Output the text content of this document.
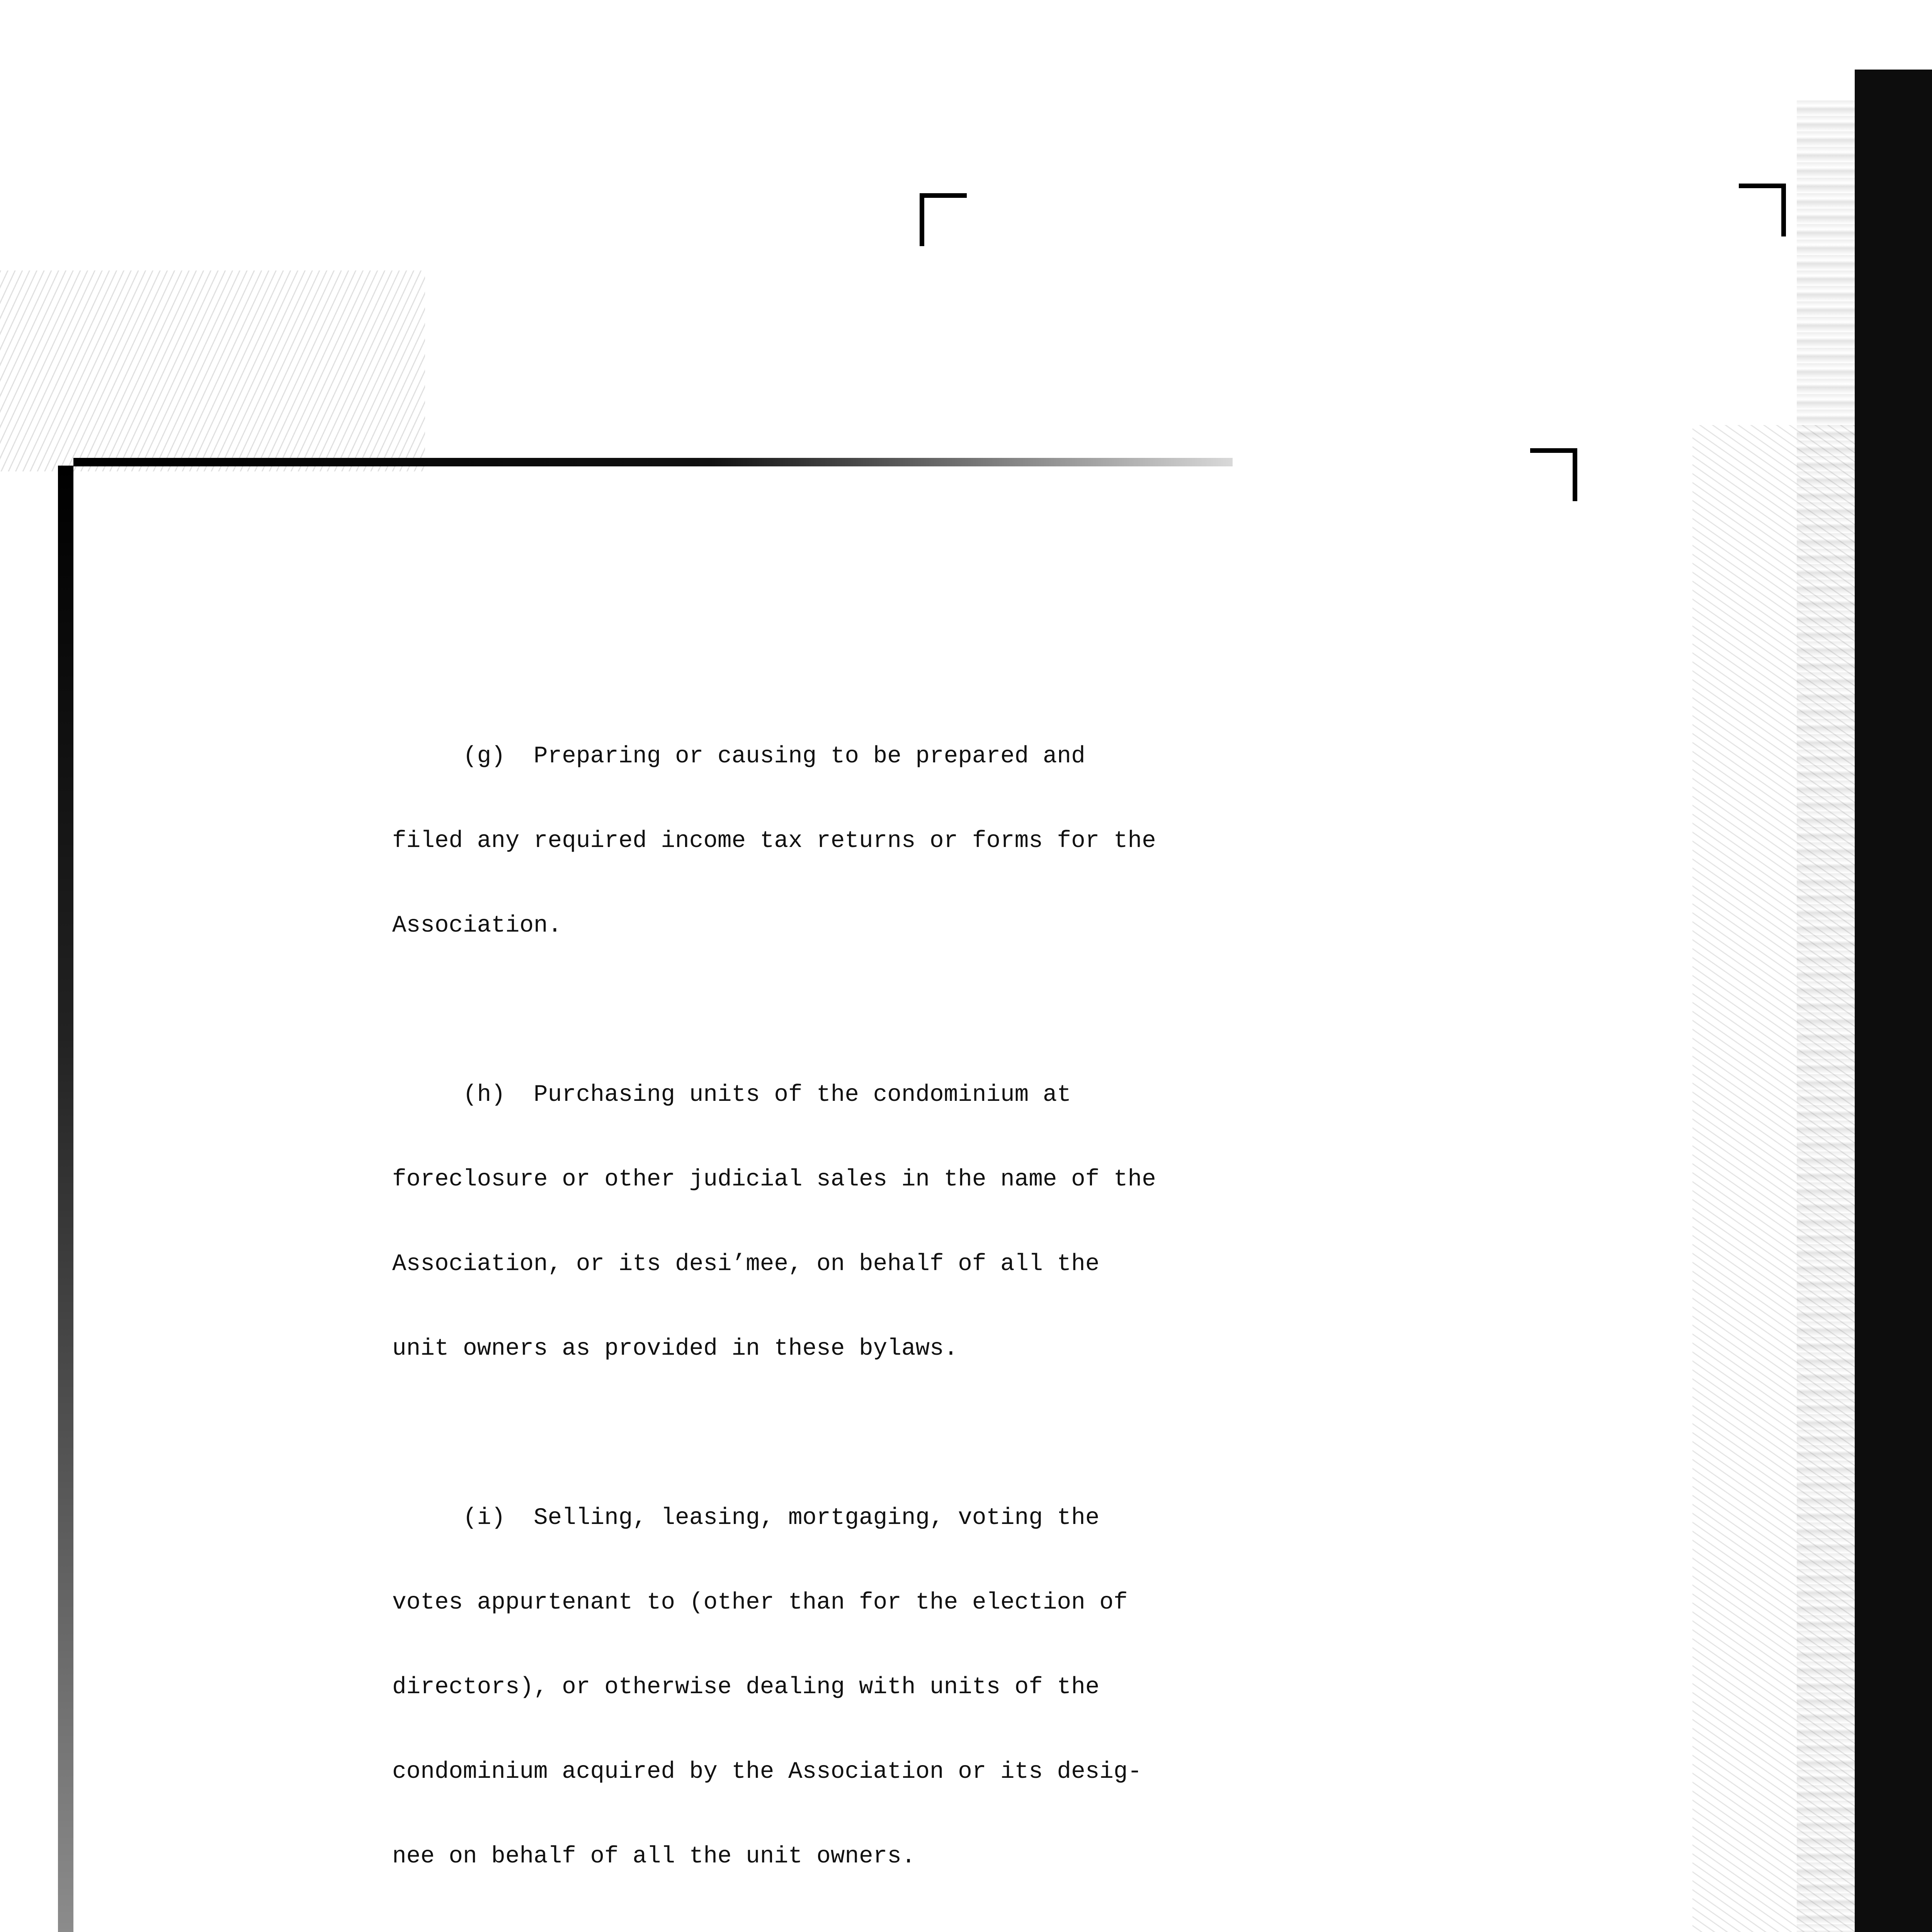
(g)  Preparing or causing to be prepared and

filed any required income tax returns or forms for the

Association.

(h)  Purchasing units of the condominium at

foreclosure or other judicial sales in the name of the

Association, or its desi’mee, on behalf of all the

unit owners as provided in these bylaws.

(i)  Selling, leasing, mortgaging, voting the

votes appurtenant to (other than for the election of

directors), or otherwise dealing with units of the

condominium acquired by the Association or its desig-

nee on behalf of all the unit owners.
